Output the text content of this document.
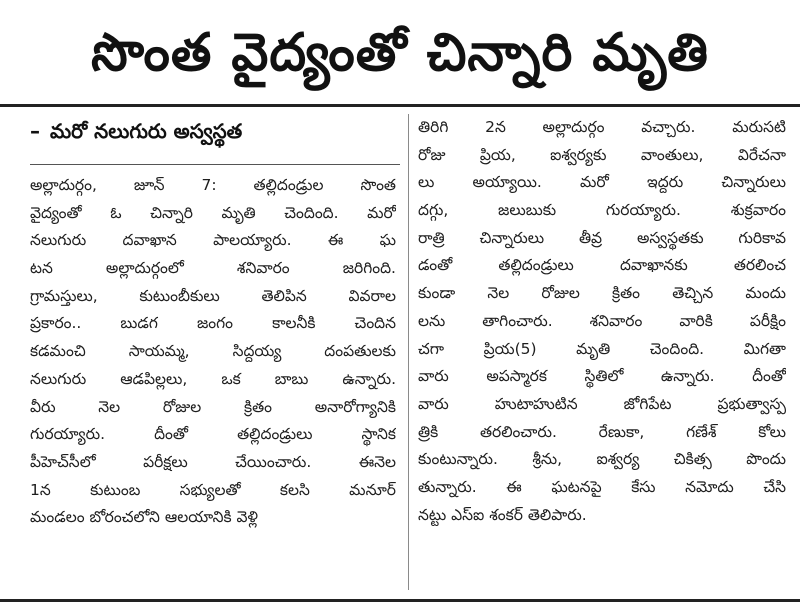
సొంత వైద్యంతో చిన్నారి మృతి
– మరో నలుగురు అస్వస్థత
అల్లాదుర్గం, జూన్ 7: తల్లిదండ్రుల సొంత
వైద్యంతో ఓ చిన్నారి మృతి చెందింది. మరో
నలుగురు దవాఖాన పాలయ్యారు. ఈ ఘ
టన అల్లాదుర్గంలో శనివారం జరిగింది.
గ్రామస్తులు, కుటుంబీకులు తెలిపిన వివరాల
ప్రకారం.. బుడగ జంగం కాలనీకి చెందిన
కడమంచి సాయమ్మ, సిద్దయ్య దంపతులకు
నలుగురు ఆడపిల్లలు, ఒక బాబు ఉన్నారు.
వీరు నెల రోజుల క్రితం అనారోగ్యానికి
గురయ్యారు. దీంతో తల్లిదండ్రులు స్థానిక
పీహెచ్‌సీలో పరీక్షలు చేయించారు. ఈనెల
1న కుటుంబ సభ్యులతో కలసి మనూర్
మండలం బోరంచలోని ఆలయానికి వెళ్లి
తిరిగి 2న అల్లాదుర్గం వచ్చారు. మరుసటి
రోజు ప్రియ, ఐశ్వర్యకు వాంతులు, విరేచనా
లు అయ్యాయి. మరో ఇద్దరు చిన్నారులు
దగ్గు, జలుబుకు గురయ్యారు. శుక్రవారం
రాత్రి చిన్నారులు తీవ్ర అస్వస్థతకు గురికావ
డంతో తల్లిదండ్రులు దవాఖానకు తరలించ
కుండా నెల రోజుల క్రితం తెచ్చిన మందు
లను తాగించారు. శనివారం వారికి పరీక్షిం
చగా ప్రియ(5) మృతి చెందింది. మిగతా
వారు అపస్మారక స్థితిలో ఉన్నారు. దీంతో
వారు హుటాహుటిన జోగిపేట ప్రభుత్వాస్ప
త్రికి తరలించారు. రేణుకా, గణేశ్ కోలు
కుంటున్నారు. శ్రీను, ఐశ్వర్య చికిత్స పొందు
తున్నారు. ఈ ఘటనపై కేసు నమోదు చేసి
నట్టు ఎస్ఐ శంకర్ తెలిపారు.
